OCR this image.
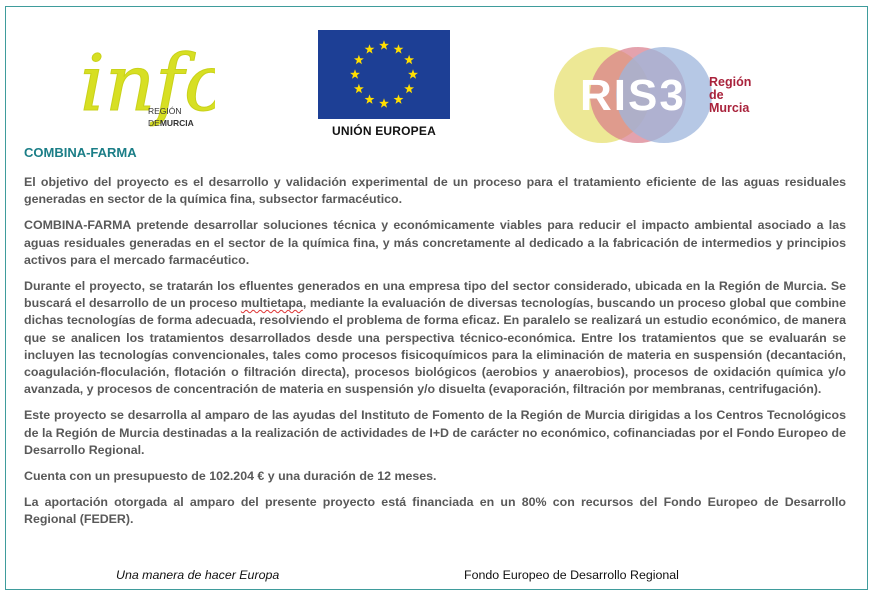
inf
REGIÓN
DEMURCIA
UNIÓN EUROPEA
RIS3 Región
de
Murcia
COMBINA-FARMA

El objetivo del proyecto es el desarrollo y validación experimental de un proceso para el tratamiento eficiente de las aguas residuales generadas en sector de la química fina, subsector farmacéutico.

COMBINA-FARMA pretende desarrollar soluciones técnica y económicamente viables para reducir el impacto ambiental asociado a las aguas residuales generadas en el sector de la química fina, y más concretamente al dedicado a la fabricación de intermedios y principios activos para el mercado farmacéutico.

Durante el proyecto, se tratarán los efluentes generados en una empresa tipo del sector considerado, ubicada en la Región de Murcia. Se buscará el desarrollo de un proceso multietapa, mediante la evaluación de diversas tecnologías, buscando un proceso global que combine dichas tecnologías de forma adecuada, resolviendo el problema de forma eficaz. En paralelo se realizará un estudio económico, de manera que se analicen los tratamientos desarrollados desde una perspectiva técnico-económica. Entre los tratamientos que se evaluarán se incluyen las tecnologías convencionales, tales como procesos fisicoquímicos para la eliminación de materia en suspensión (decantación, coagulación-floculación, flotación o filtración directa), procesos biológicos (aerobios y anaerobios), procesos de oxidación química y/o avanzada, y procesos de concentración de materia en suspensión y/o disuelta (evaporación, filtración por membranas, centrifugación).

Este proyecto se desarrolla al amparo de las ayudas del Instituto de Fomento de la Región de Murcia dirigidas a los Centros Tecnológicos de la Región de Murcia destinadas a la realización de actividades de I+D de carácter no económico, cofinanciadas por el Fondo Europeo de Desarrollo Regional.

Cuenta con un presupuesto de 102.204 € y una duración de 12 meses.

La aportación otorgada al amparo del presente proyecto está financiada en un 80% con recursos del Fondo Europeo de Desarrollo Regional (FEDER).

Una manera de hacer Europa	Fondo Europeo de Desarrollo Regional
